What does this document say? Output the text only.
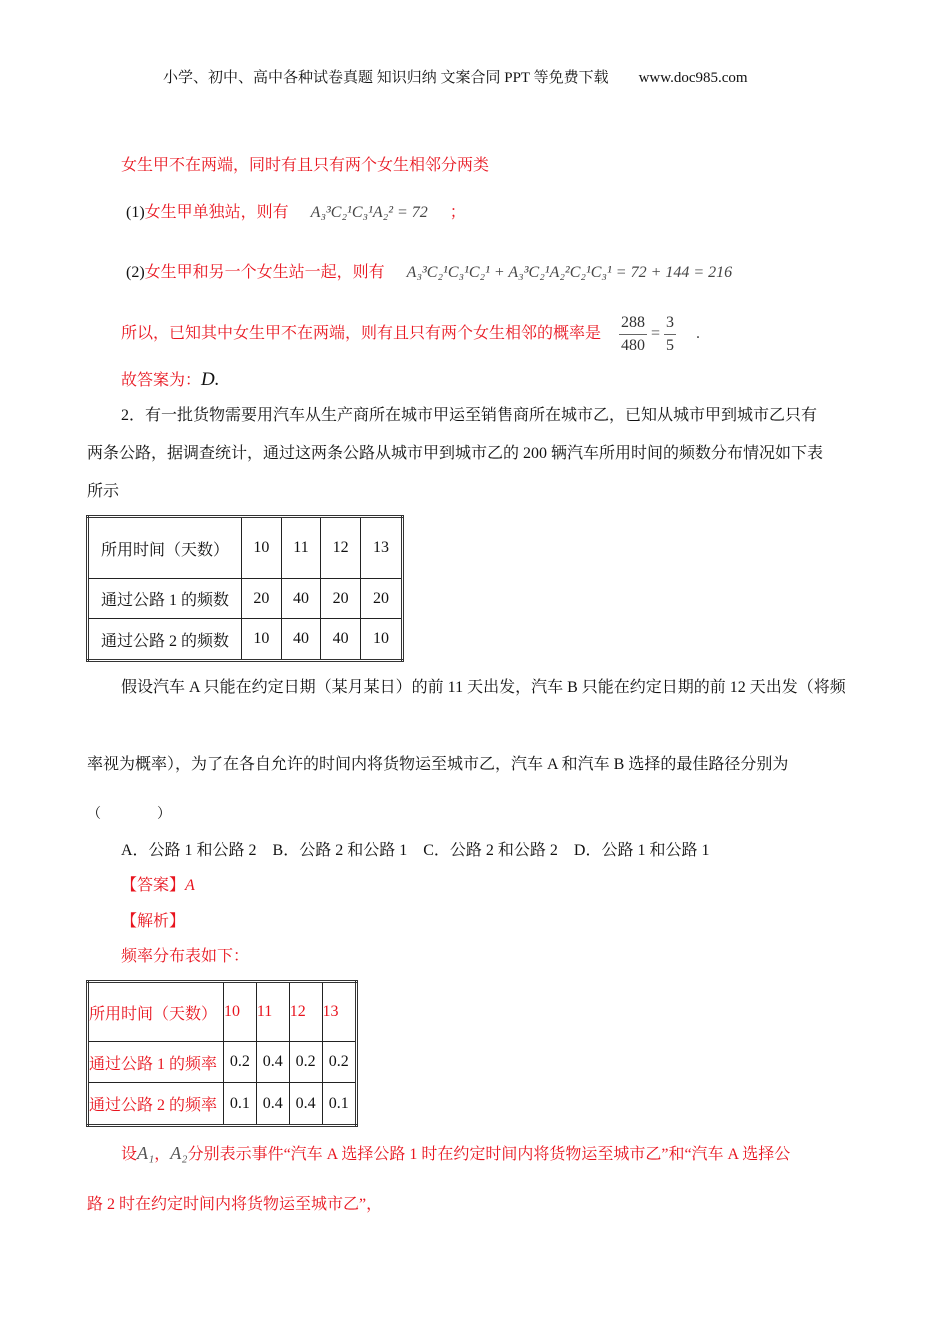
小学、初中、高中各种试卷真题 知识归纳 文案合同 PPT 等免费下载　　www.doc985.com
女生甲不在两端，同时有且只有两个女生相邻分两类
(1)女生甲单独站，则有 A₃³C₂¹C₃¹A₂² = 72 ；
(2)女生甲和另一个女生站一起，则有 A₃³C₂¹C₃¹C₂¹ + A₃³C₂¹A₂²C₂¹C₃¹ = 72 + 144 = 216
所以，已知其中女生甲不在两端，则有且只有两个女生相邻的概率是 $\frac{288}{480} = \frac{3}{5}$ .
故答案为：D.
2．有一批货物需要用汽车从生产商所在城市甲运至销售商所在城市乙，已知从城市甲到城市乙只有
两条公路，据调查统计，通过这两条公路从城市甲到城市乙的 200 辆汽车所用时间的频数分布情况如下表
所示
所用时间（天数）	10	11	12	13
通过公路 1 的频数	20	40	20	20
通过公路 2 的频数	10	40	40	10
假设汽车 A 只能在约定日期（某月某日）的前 11 天出发，汽车 B 只能在约定日期的前 12 天出发（将频
率视为概率），为了在各自允许的时间内将货物运至城市乙，汽车 A 和汽车 B 选择的最佳路径分别为
（　　　　）
A．公路 1 和公路 2　B．公路 2 和公路 1　C．公路 2 和公路 2　D．公路 1 和公路 1
【答案】A
【解析】
频率分布表如下：
所用时间（天数）	10	11	12	13
通过公路 1 的频率	0.2	0.4	0.2	0.2
通过公路 2 的频率	0.1	0.4	0.4	0.1
设A₁，A₂分别表示事件“汽车 A 选择公路 1 时在约定时间内将货物运至城市乙”和“汽车 A 选择公
路 2 时在约定时间内将货物运至城市乙”，
